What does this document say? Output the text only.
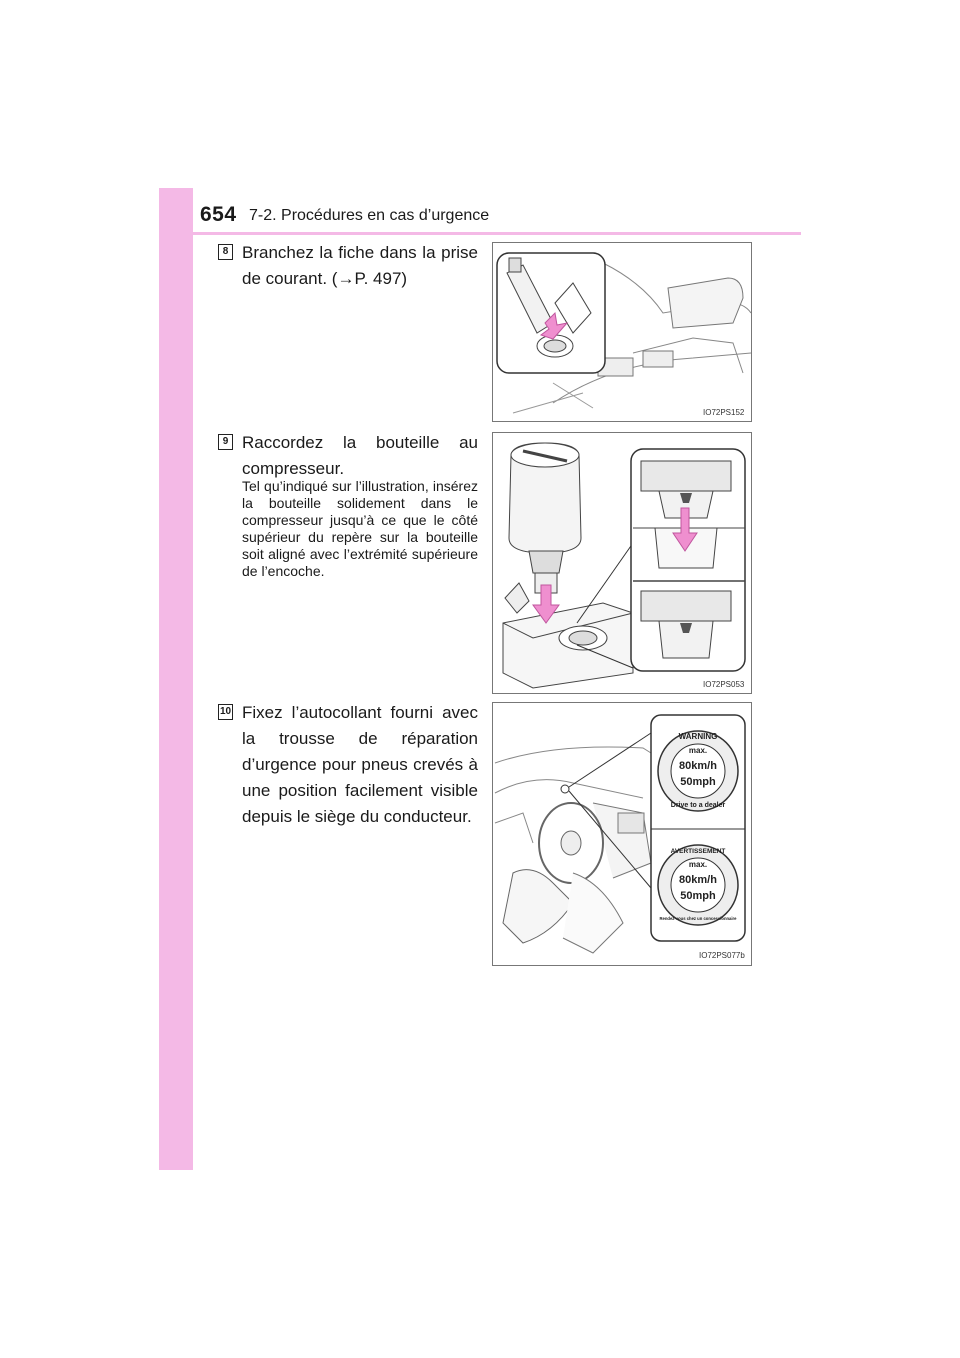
654 7-2. Procédures en cas d’urgence
8 Branchez la fiche dans la prise de courant. (→P. 497)
IO72PS152
9 Raccordez la bouteille au compresseur.
Tel qu’indiqué sur l’illustration, insérez la bouteille solidement dans le compresseur jusqu’à ce que le côté supérieur du repère sur la bouteille soit aligné avec l’extrémité supérieure de l’encoche.
IO72PS053
10 Fixez l’autocollant fourni avec la trousse de réparation d’urgence pour pneus crevés à une position facilement visible depuis le siège du conducteur.
WARNING
max.
80km/h
50mph
Drive to a dealer
AVERTISSEMENT
max.
80km/h
50mph
Rendez-vous chez un concessionnaire
IO72PS077b
